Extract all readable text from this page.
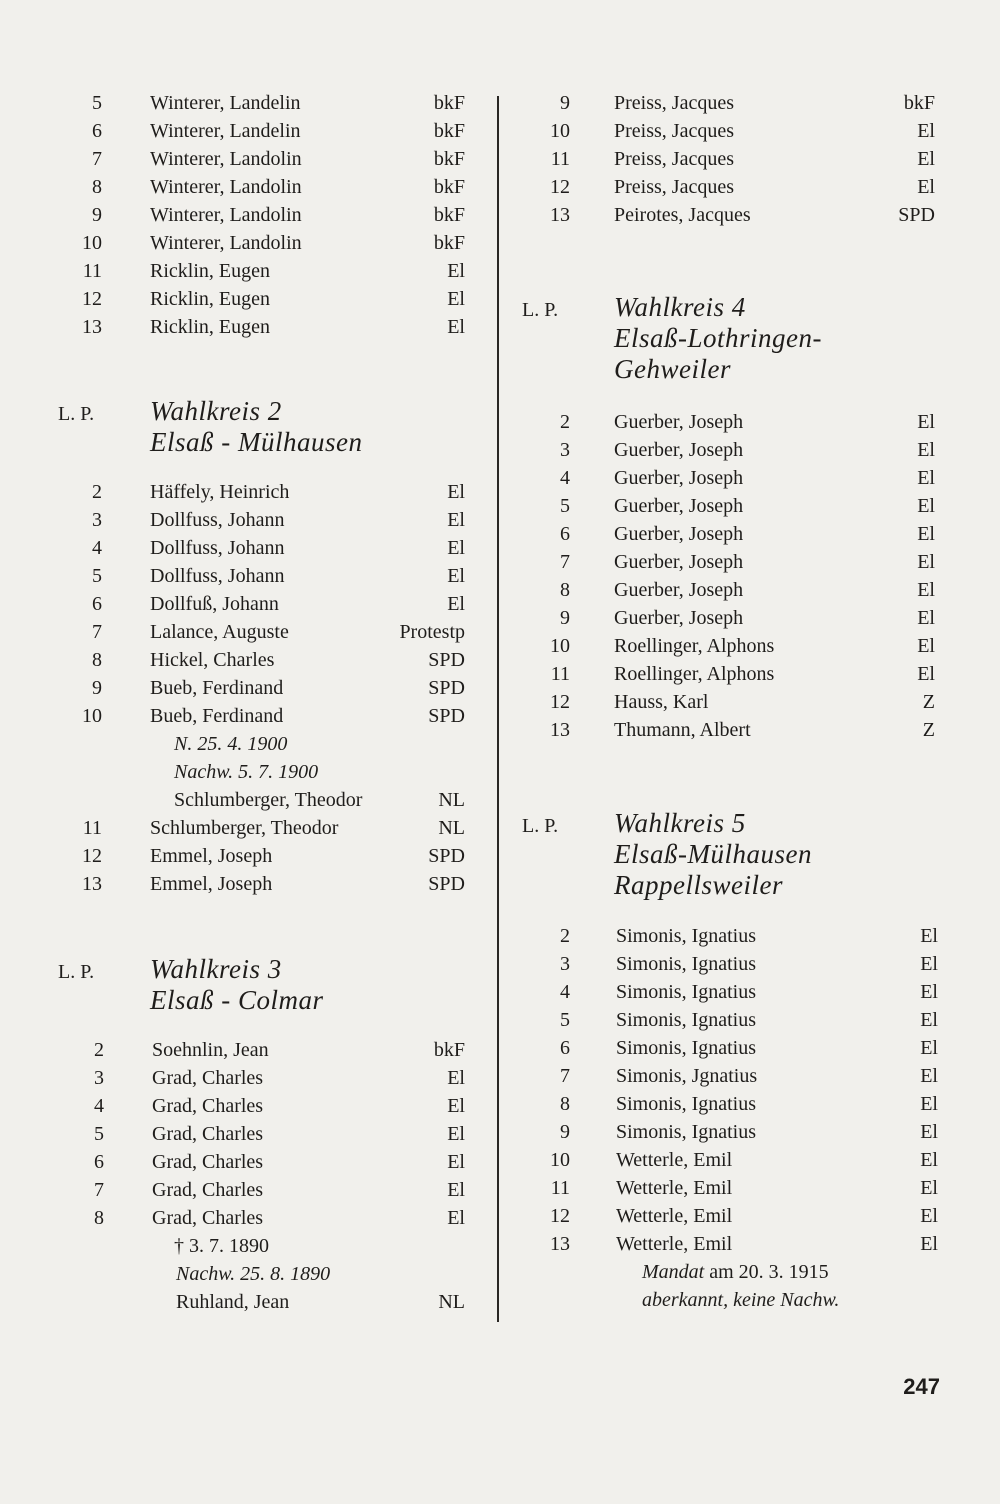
5 Winterer, Landelin	bkF
6 Winterer, Landelin	bkF
7 Winterer, Landolin	bkF
8 Winterer, Landolin	bkF
9 Winterer, Landolin	bkF
10 Winterer, Landolin	bkF
11 Ricklin, Eugen	El
12 Ricklin, Eugen	El
13 Ricklin, Eugen	El
L. P. Wahlkreis 2
Elsaß - Mülhausen
2 Häffely, Heinrich	El
3 Dollfuss, Johann	El
4 Dollfuss, Johann	El
5 Dollfuss, Johann	El
6 Dollfuß, Johann	El
7 Lalance, Auguste	Protestp
8 Hickel, Charles	SPD
9 Bueb, Ferdinand	SPD
10 Bueb, Ferdinand	SPD
N. 25. 4. 1900
Nachw. 5. 7. 1900
Schlumberger, Theodor	NL
11 Schlumberger, Theodor	NL
12 Emmel, Joseph	SPD
13 Emmel, Joseph	SPD
L. P. Wahlkreis 3
Elsaß - Colmar
2 Soehnlin, Jean	bkF
3 Grad, Charles	El
4 Grad, Charles	El
5 Grad, Charles	El
6 Grad, Charles	El
7 Grad, Charles	El
8 Grad, Charles	El
† 3. 7. 1890
Nachw. 25. 8. 1890
Ruhland, Jean	NL
9 Preiss, Jacques	bkF
10 Preiss, Jacques	El
11 Preiss, Jacques	El
12 Preiss, Jacques	El
13 Peirotes, Jacques	SPD
L. P. Wahlkreis 4
Elsaß-Lothringen-
Gehweiler
2 Guerber, Joseph	El
3 Guerber, Joseph	El
4 Guerber, Joseph	El
5 Guerber, Joseph	El
6 Guerber, Joseph	El
7 Guerber, Joseph	El
8 Guerber, Joseph	El
9 Guerber, Joseph	El
10 Roellinger, Alphons	El
11 Roellinger, Alphons	El
12 Hauss, Karl	Z
13 Thumann, Albert	Z
L. P. Wahlkreis 5
Elsaß-Mülhausen
Rappellsweiler
2 Simonis, Ignatius	El
3 Simonis, Ignatius	El
4 Simonis, Ignatius	El
5 Simonis, Ignatius	El
6 Simonis, Ignatius	El
7 Simonis, Jgnatius	El
8 Simonis, Ignatius	El
9 Simonis, Ignatius	El
10 Wetterle, Emil	El
11 Wetterle, Emil	El
12 Wetterle, Emil	El
13 Wetterle, Emil	El
Mandat am 20. 3. 1915
aberkannt, keine Nachw.
247
